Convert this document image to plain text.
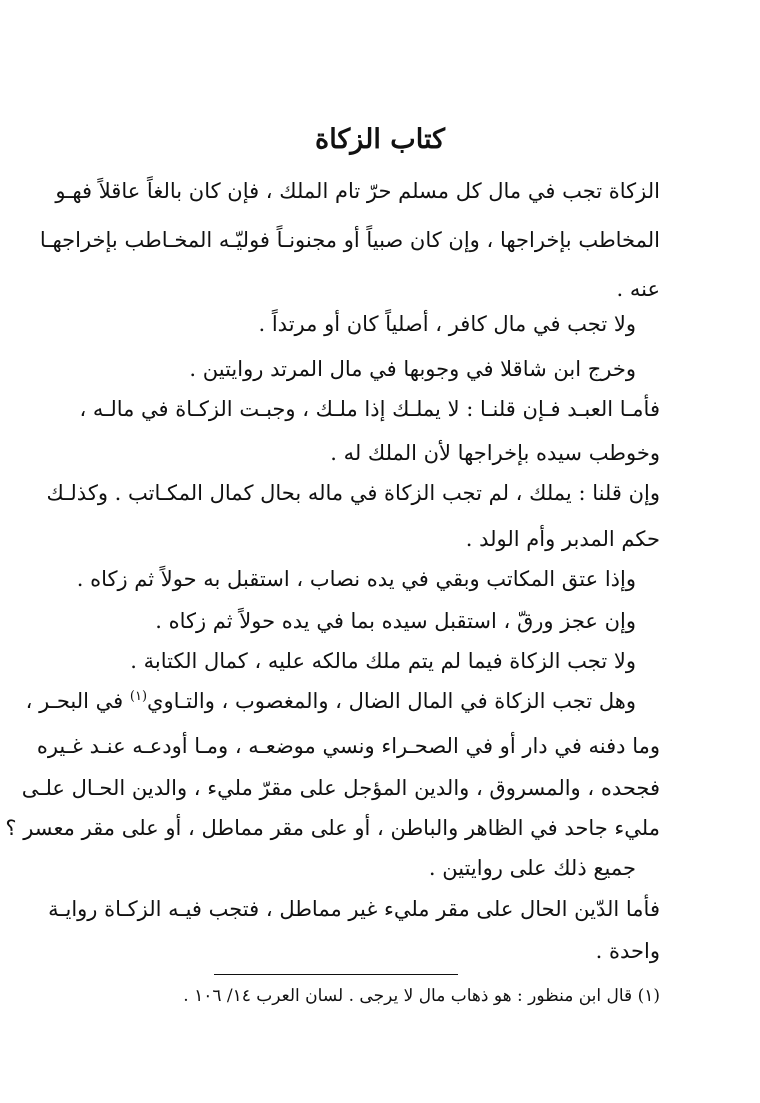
كتاب الزكاة
الزكاة تجب في مال كل مسلم حرّ تام الملك ، فإن كان بالغاً عاقلاً فهـو
المخاطب بإخراجها ، وإن كان صبياً أو مجنونـاً فوليّـه المخـاطب بإخراجهـا
عنه .
ولا تجب في مال كافر ، أصلياً كان أو مرتداً .
وخرج ابن شاقلا في وجوبها في مال المرتد روايتين .
فأمـا العبـد فـإن قلنـا : لا يملـك إذا ملـك ، وجبـت الزكـاة في مالـه ،
وخوطب سيده بإخراجها لأن الملك له .
وإن قلنا : يملك ، لم تجب الزكاة في ماله بحال كمال المكـاتب . وكذلـك
حكم المدبر وأم الولد .
وإذا عتق المكاتب وبقي في يده نصاب ، استقبل به حولاً ثم زكاه .
وإن عجز ورقّ ، استقبل سيده بما في يده حولاً ثم زكاه .
ولا تجب الزكاة فيما لم يتم ملك مالكه عليه ، كمال الكتابة .
وهل تجب الزكاة في المال الضال ، والمغصوب ، والتـاوي$^{(١)}$ في البحـر ،
وما دفنه في دار أو في الصحـراء ونسي موضعـه ، ومـا أودعـه عنـد غـيره
فجحده ، والمسروق ، والدين المؤجل على مقرّ مليء ، والدين الحـال علـى
مليء جاحد في الظاهر والباطن ، أو على مقر مماطل ، أو على مقر معسر ؟
جميع ذلك على روايتين .
فأما الدّين الحال على مقر مليء غير مماطل ، فتجب فيـه الزكـاة روايـة
واحدة .
(١) قال ابن منظور : هو ذهاب مال لا يرجى . لسان العرب ١٤/ ١٠٦ .
